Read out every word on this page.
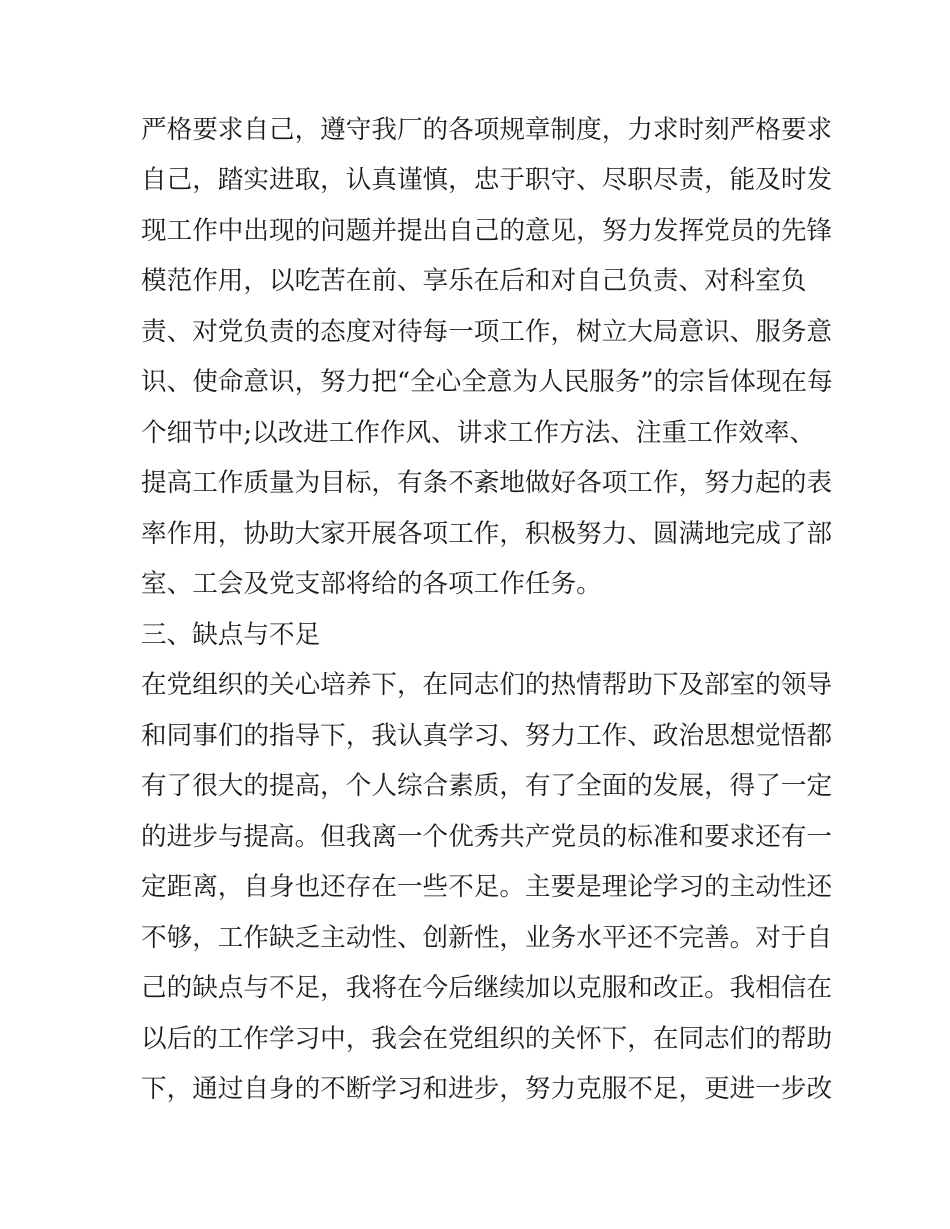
严格要求自己，遵守我厂的各项规章制度，力求时刻严格要求
自己，踏实进取，认真谨慎，忠于职守、尽职尽责，能及时发
现工作中出现的问题并提出自己的意见，努力发挥党员的先锋
模范作用，以吃苦在前、享乐在后和对自己负责、对科室负
责、对党负责的态度对待每一项工作，树立大局意识、服务意
识、使命意识，努力把“全心全意为人民服务”的宗旨体现在每
个细节中;以改进工作作风、讲求工作方法、注重工作效率、
提高工作质量为目标，有条不紊地做好各项工作，努力起的表
率作用，协助大家开展各项工作，积极努力、圆满地完成了部
室、工会及党支部将给的各项工作任务。
三、缺点与不足
在党组织的关心培养下，在同志们的热情帮助下及部室的领导
和同事们的指导下，我认真学习、努力工作、政治思想觉悟都
有了很大的提高，个人综合素质，有了全面的发展，得了一定
的进步与提高。但我离一个优秀共产党员的标准和要求还有一
定距离，自身也还存在一些不足。主要是理论学习的主动性还
不够，工作缺乏主动性、创新性，业务水平还不完善。对于自
己的缺点与不足，我将在今后继续加以克服和改正。我相信在
以后的工作学习中，我会在党组织的关怀下，在同志们的帮助
下，通过自身的不断学习和进步，努力克服不足，更进一步改
